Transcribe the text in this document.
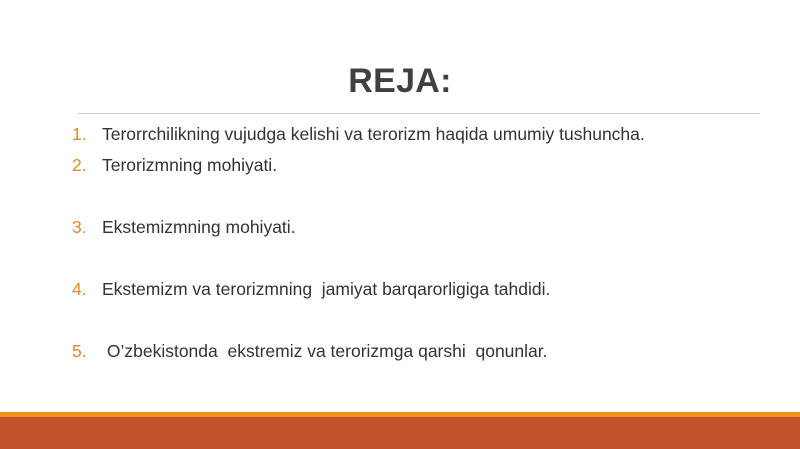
REJA:
1. Terorrchilikning vujudga kelishi va terorizm haqida umumiy tushuncha.
2. Terorizmning mohiyati.
3. Ekstemizmning mohiyati.
4. Ekstemizm va terorizmning  jamiyat barqarorligiga tahdidi.
5. O’zbekistonda  ekstremiz va terorizmga qarshi  qonunlar.
